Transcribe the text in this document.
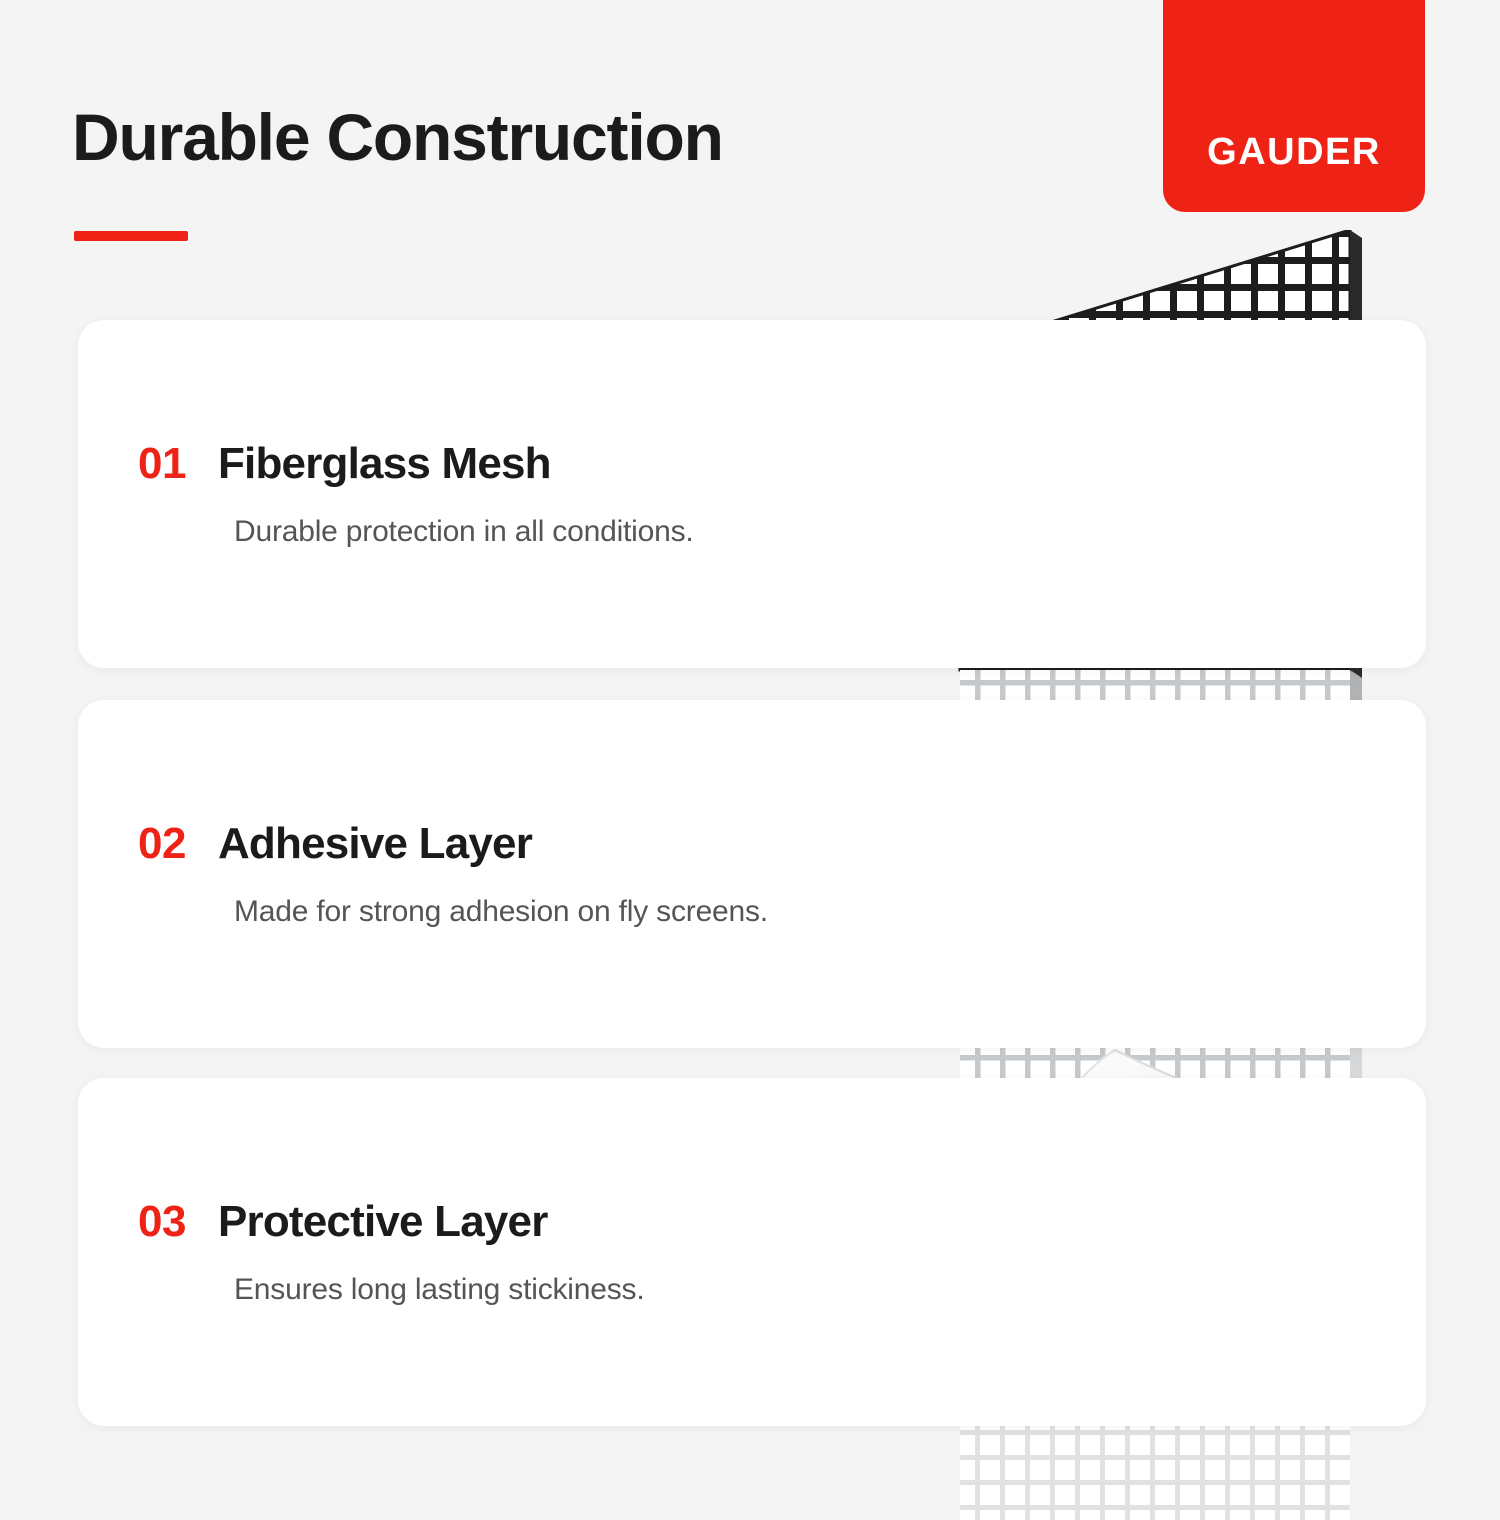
GAUDER
Durable Construction
01 Fiberglass Mesh
Durable protection in all conditions.
02 Adhesive Layer
Made for strong adhesion on fly screens.
03 Protective Layer
Ensures long lasting stickiness.
